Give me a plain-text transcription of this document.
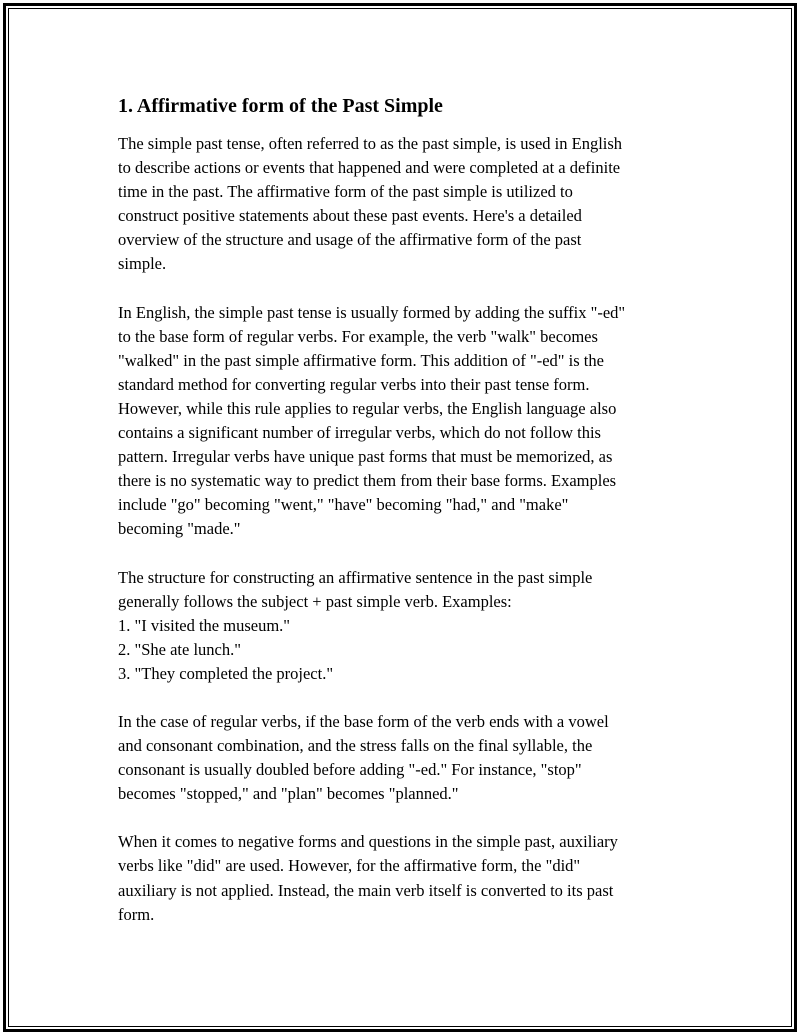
1. Affirmative form of the Past Simple

The simple past tense, often referred to as the past simple, is used in English
to describe actions or events that happened and were completed at a definite
time in the past. The affirmative form of the past simple is utilized to
construct positive statements about these past events. Here's a detailed
overview of the structure and usage of the affirmative form of the past
simple.

In English, the simple past tense is usually formed by adding the suffix "-ed"
to the base form of regular verbs. For example, the verb "walk" becomes
"walked" in the past simple affirmative form. This addition of "-ed" is the
standard method for converting regular verbs into their past tense form.
However, while this rule applies to regular verbs, the English language also
contains a significant number of irregular verbs, which do not follow this
pattern. Irregular verbs have unique past forms that must be memorized, as
there is no systematic way to predict them from their base forms. Examples
include "go" becoming "went," "have" becoming "had," and "make"
becoming "made."

The structure for constructing an affirmative sentence in the past simple
generally follows the subject + past simple verb. Examples:
1. "I visited the museum."
2. "She ate lunch."
3. "They completed the project."

In the case of regular verbs, if the base form of the verb ends with a vowel
and consonant combination, and the stress falls on the final syllable, the
consonant is usually doubled before adding "-ed." For instance, "stop"
becomes "stopped," and "plan" becomes "planned."

When it comes to negative forms and questions in the simple past, auxiliary
verbs like "did" are used. However, for the affirmative form, the "did"
auxiliary is not applied. Instead, the main verb itself is converted to its past
form.
